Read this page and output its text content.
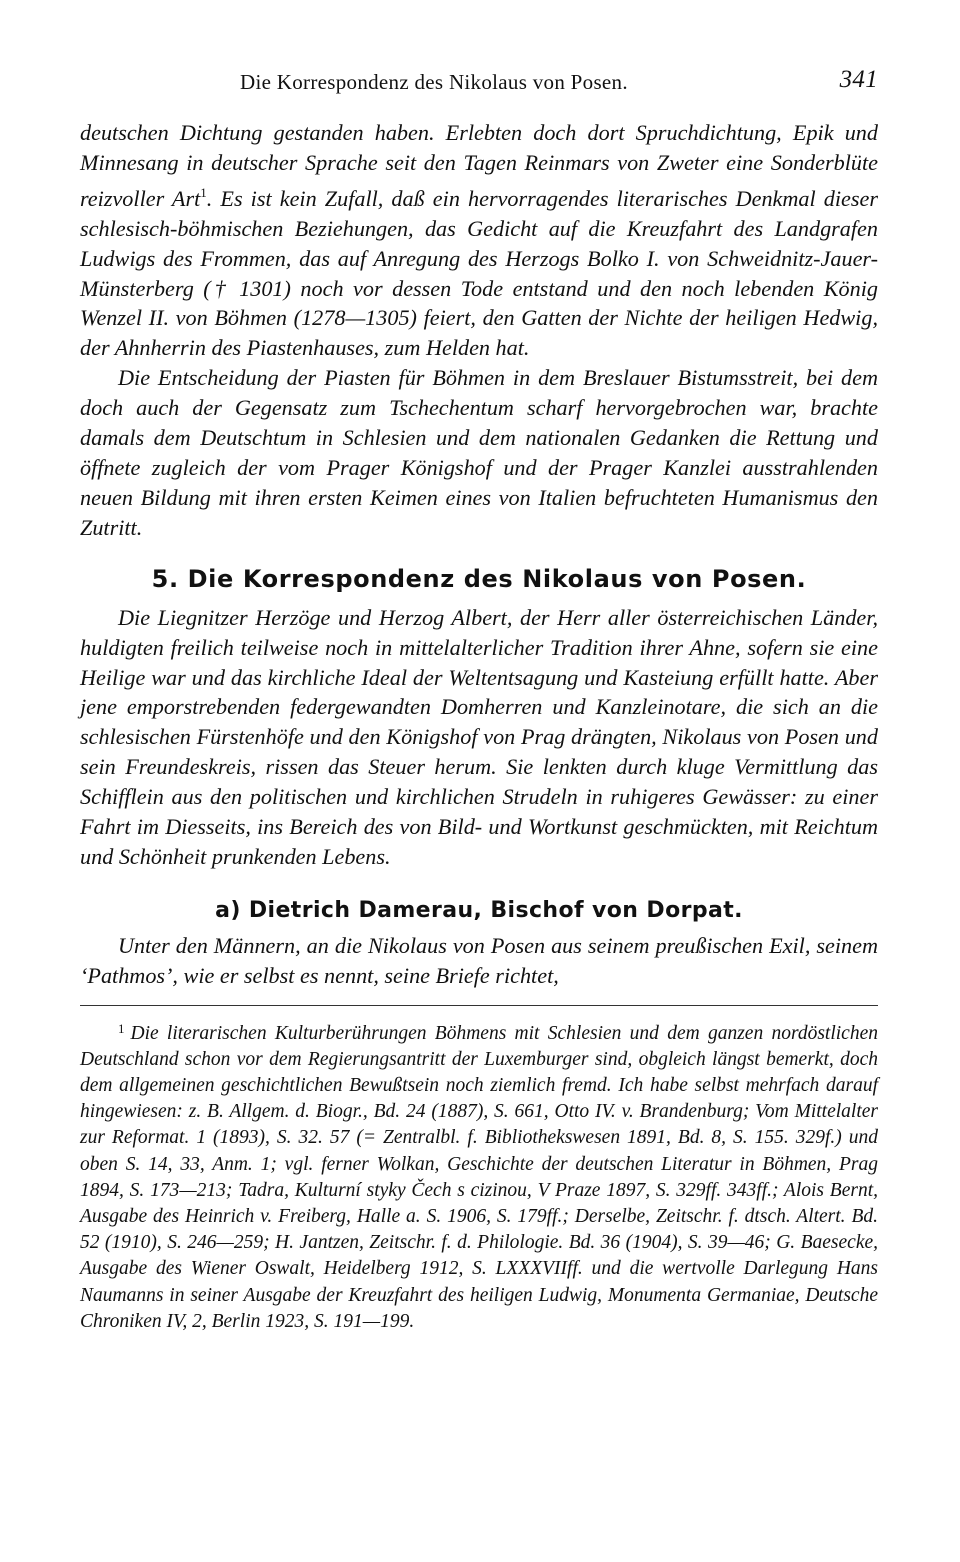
Die Korrespondenz des Nikolaus von Posen.	341

deutschen Dichtung gestanden haben. Erlebten doch dort Spruchdichtung, Epik und Minnesang in deutscher Sprache seit den Tagen Reinmars von Zweter eine Sonderblüte reizvoller Art$^1$. Es ist kein Zufall, daß ein hervorragendes literarisches Denkmal dieser schlesisch-böhmischen Beziehungen, das Gedicht auf die Kreuzfahrt des Landgrafen Ludwigs des Frommen, das auf Anregung des Herzogs Bolko I. von Schweidnitz-Jauer-Münsterberg († 1301) noch vor dessen Tode entstand und den noch lebenden König Wenzel II. von Böhmen (1278—1305) feiert, den Gatten der Nichte der heiligen Hedwig, der Ahnherrin des Piastenhauses, zum Helden hat.

Die Entscheidung der Piasten für Böhmen in dem Breslauer Bistumsstreit, bei dem doch auch der Gegensatz zum Tschechentum scharf hervorgebrochen war, brachte damals dem Deutschtum in Schlesien und dem nationalen Gedanken die Rettung und öffnete zugleich der vom Prager Königshof und der Prager Kanzlei ausstrahlenden neuen Bildung mit ihren ersten Keimen eines von Italien befruchteten Humanismus den Zutritt.

5. Die Korrespondenz des Nikolaus von Posen.

Die Liegnitzer Herzöge und Herzog Albert, der Herr aller österreichischen Länder, huldigten freilich teilweise noch in mittelalterlicher Tradition ihrer Ahne, sofern sie eine Heilige war und das kirchliche Ideal der Weltentsagung und Kasteiung erfüllt hatte. Aber jene emporstrebenden federgewandten Domherren und Kanzleinotare, die sich an die schlesischen Fürstenhöfe und den Königshof von Prag drängten, Nikolaus von Posen und sein Freundeskreis, rissen das Steuer herum. Sie lenkten durch kluge Vermittlung das Schifflein aus den politischen und kirchlichen Strudeln in ruhigeres Gewässer: zu einer Fahrt im Diesseits, ins Bereich des von Bild- und Wortkunst geschmückten, mit Reichtum und Schönheit prunkenden Lebens.

a) Dietrich Damerau, Bischof von Dorpat.

Unter den Männern, an die Nikolaus von Posen aus seinem preußischen Exil, seinem ‘Pathmos’, wie er selbst es nennt, seine Briefe richtet,

$^1$ Die literarischen Kulturberührungen Böhmens mit Schlesien und dem ganzen nordöstlichen Deutschland schon vor dem Regierungsantritt der Luxemburger sind, obgleich längst bemerkt, doch dem allgemeinen geschichtlichen Bewußtsein noch ziemlich fremd. Ich habe selbst mehrfach darauf hingewiesen: z. B. Allgem. d. Biogr., Bd. 24 (1887), S. 661, Otto IV. v. Brandenburg; Vom Mittelalter zur Reformat. 1 (1893), S. 32. 57 (= Zentralbl. f. Bibliothekswesen 1891, Bd. 8, S. 155. 329f.) und oben S. 14, 33, Anm. 1; vgl. ferner Wolkan, Geschichte der deutschen Literatur in Böhmen, Prag 1894, S. 173—213; Tadra, Kulturní styky Čech s cizinou, V Praze 1897, S. 329ff. 343ff.; Alois Bernt, Ausgabe des Heinrich v. Freiberg, Halle a. S. 1906, S. 179ff.; Derselbe, Zeitschr. f. dtsch. Altert. Bd. 52 (1910), S. 246—259; H. Jantzen, Zeitschr. f. d. Philologie. Bd. 36 (1904), S. 39—46; G. Baesecke, Ausgabe des Wiener Oswalt, Heidelberg 1912, S. LXXXVIIff. und die wertvolle Darlegung Hans Naumanns in seiner Ausgabe der Kreuzfahrt des heiligen Ludwig, Monumenta Germaniae, Deutsche Chroniken IV, 2, Berlin 1923, S. 191—199.
